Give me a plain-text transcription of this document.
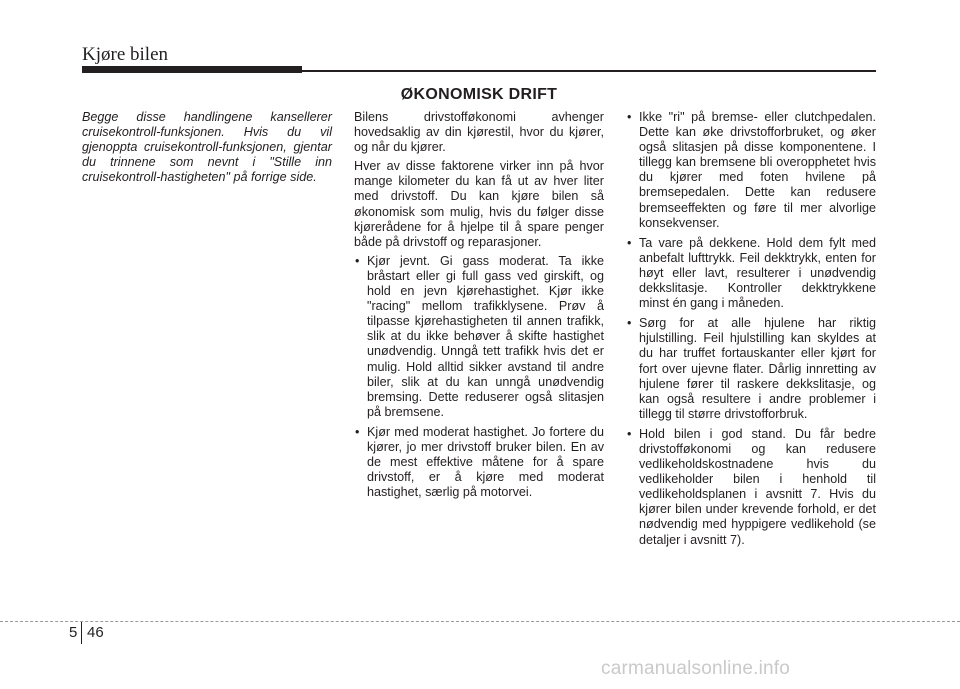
Kjøre bilen
ØKONOMISK DRIFT

Begge disse handlingene kansellerer cruisekontroll-funksjonen. Hvis du vil gjenoppta cruisekontroll-funksjonen, gjentar du trinnene som nevnt i "Stille inn cruisekontroll-hastigheten" på forrige side.

Bilens drivstofføkonomi avhenger hovedsaklig av din kjørestil, hvor du kjører, og når du kjører.

Hver av disse faktorene virker inn på hvor mange kilometer du kan få ut av hver liter med drivstoff. Du kan kjøre bilen så økonomisk som mulig, hvis du følger disse kjørerådene for å hjelpe til å spare penger både på drivstoff og reparasjoner.

• Kjør jevnt. Gi gass moderat. Ta ikke bråstart eller gi full gass ved girskift, og hold en jevn kjørehastighet. Kjør ikke "racing" mellom trafikklysene. Prøv å tilpasse kjørehastigheten til annen trafikk, slik at du ikke behøver å skifte hastighet unødvendig. Unngå tett trafikk hvis det er mulig. Hold alltid sikker avstand til andre biler, slik at du kan unngå unødvendig bremsing. Dette reduserer også slitasjen på bremsene.
• Kjør med moderat hastighet. Jo fortere du kjører, jo mer drivstoff bruker bilen. En av de mest effektive måtene for å spare drivstoff, er å kjøre med moderat hastighet, særlig på motorvei.
• Ikke "ri" på bremse- eller clutchpedalen. Dette kan øke drivstofforbruket, og øker også slitasjen på disse komponentene. I tillegg kan bremsene bli overopphetet hvis du kjører med foten hvilene på bremsepedalen. Dette kan redusere bremseeffekten og føre til mer alvorlige konsekvenser.
• Ta vare på dekkene. Hold dem fylt med anbefalt lufttrykk. Feil dekktrykk, enten for høyt eller lavt, resulterer i unødvendig dekkslitasje. Kontroller dekktrykkene minst én gang i måneden.
• Sørg for at alle hjulene har riktig hjulstilling. Feil hjulstilling kan skyldes at du har truffet fortauskanter eller kjørt for fort over ujevne flater. Dårlig innretting av hjulene fører til raskere dekkslitasje, og kan også resultere i andre problemer i tillegg til større drivstofforbruk.
• Hold bilen i god stand. Du får bedre drivstofføkonomi og kan redusere vedlikeholdskostnadene hvis du vedlikeholder bilen i henhold til vedlikeholdsplanen i avsnitt 7. Hvis du kjører bilen under krevende forhold, er det nødvendig med hyppigere vedlikehold (se detaljer i avsnitt 7).
5 46
carmanualsonline.info
